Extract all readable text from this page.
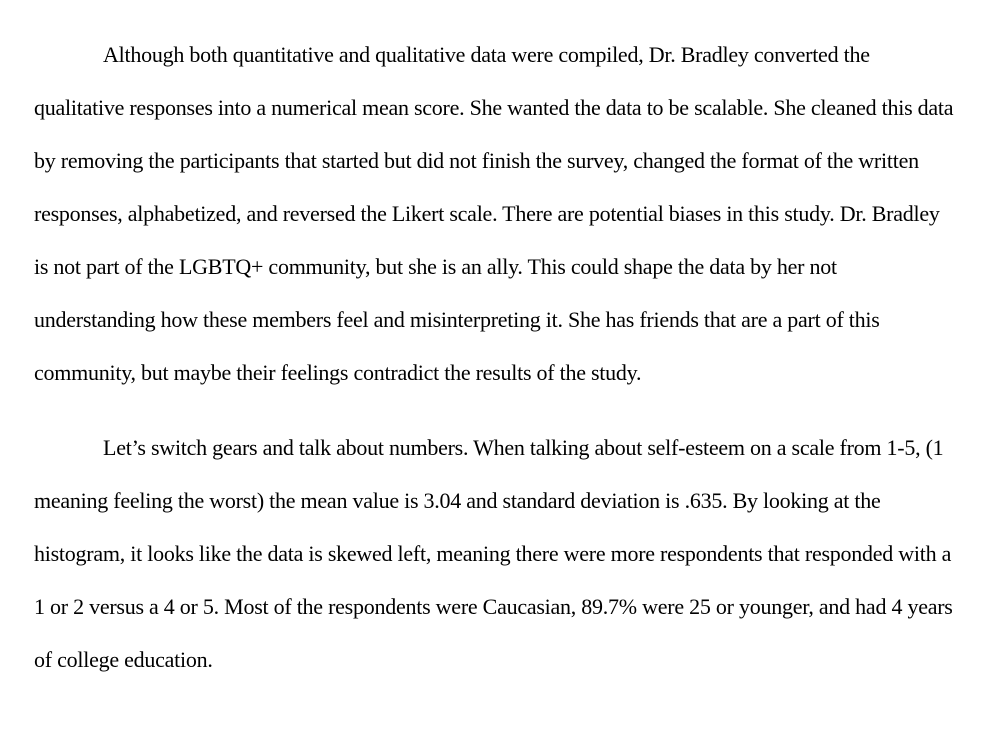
Although both quantitative and qualitative data were compiled, Dr. Bradley converted the qualitative responses into a numerical mean score. She wanted the data to be scalable. She cleaned this data by removing the participants that started but did not finish the survey, changed the format of the written responses, alphabetized, and reversed the Likert scale. There are potential biases in this study. Dr. Bradley is not part of the LGBTQ+ community, but she is an ally. This could shape the data by her not understanding how these members feel and misinterpreting it. She has friends that are a part of this community, but maybe their feelings contradict the results of the study.

Let’s switch gears and talk about numbers. When talking about self-esteem on a scale from 1-5, (1 meaning feeling the worst) the mean value is 3.04 and standard deviation is .635. By looking at the histogram, it looks like the data is skewed left, meaning there were more respondents that responded with a 1 or 2 versus a 4 or 5. Most of the respondents were Caucasian, 89.7% were 25 or younger, and had 4 years of college education.
